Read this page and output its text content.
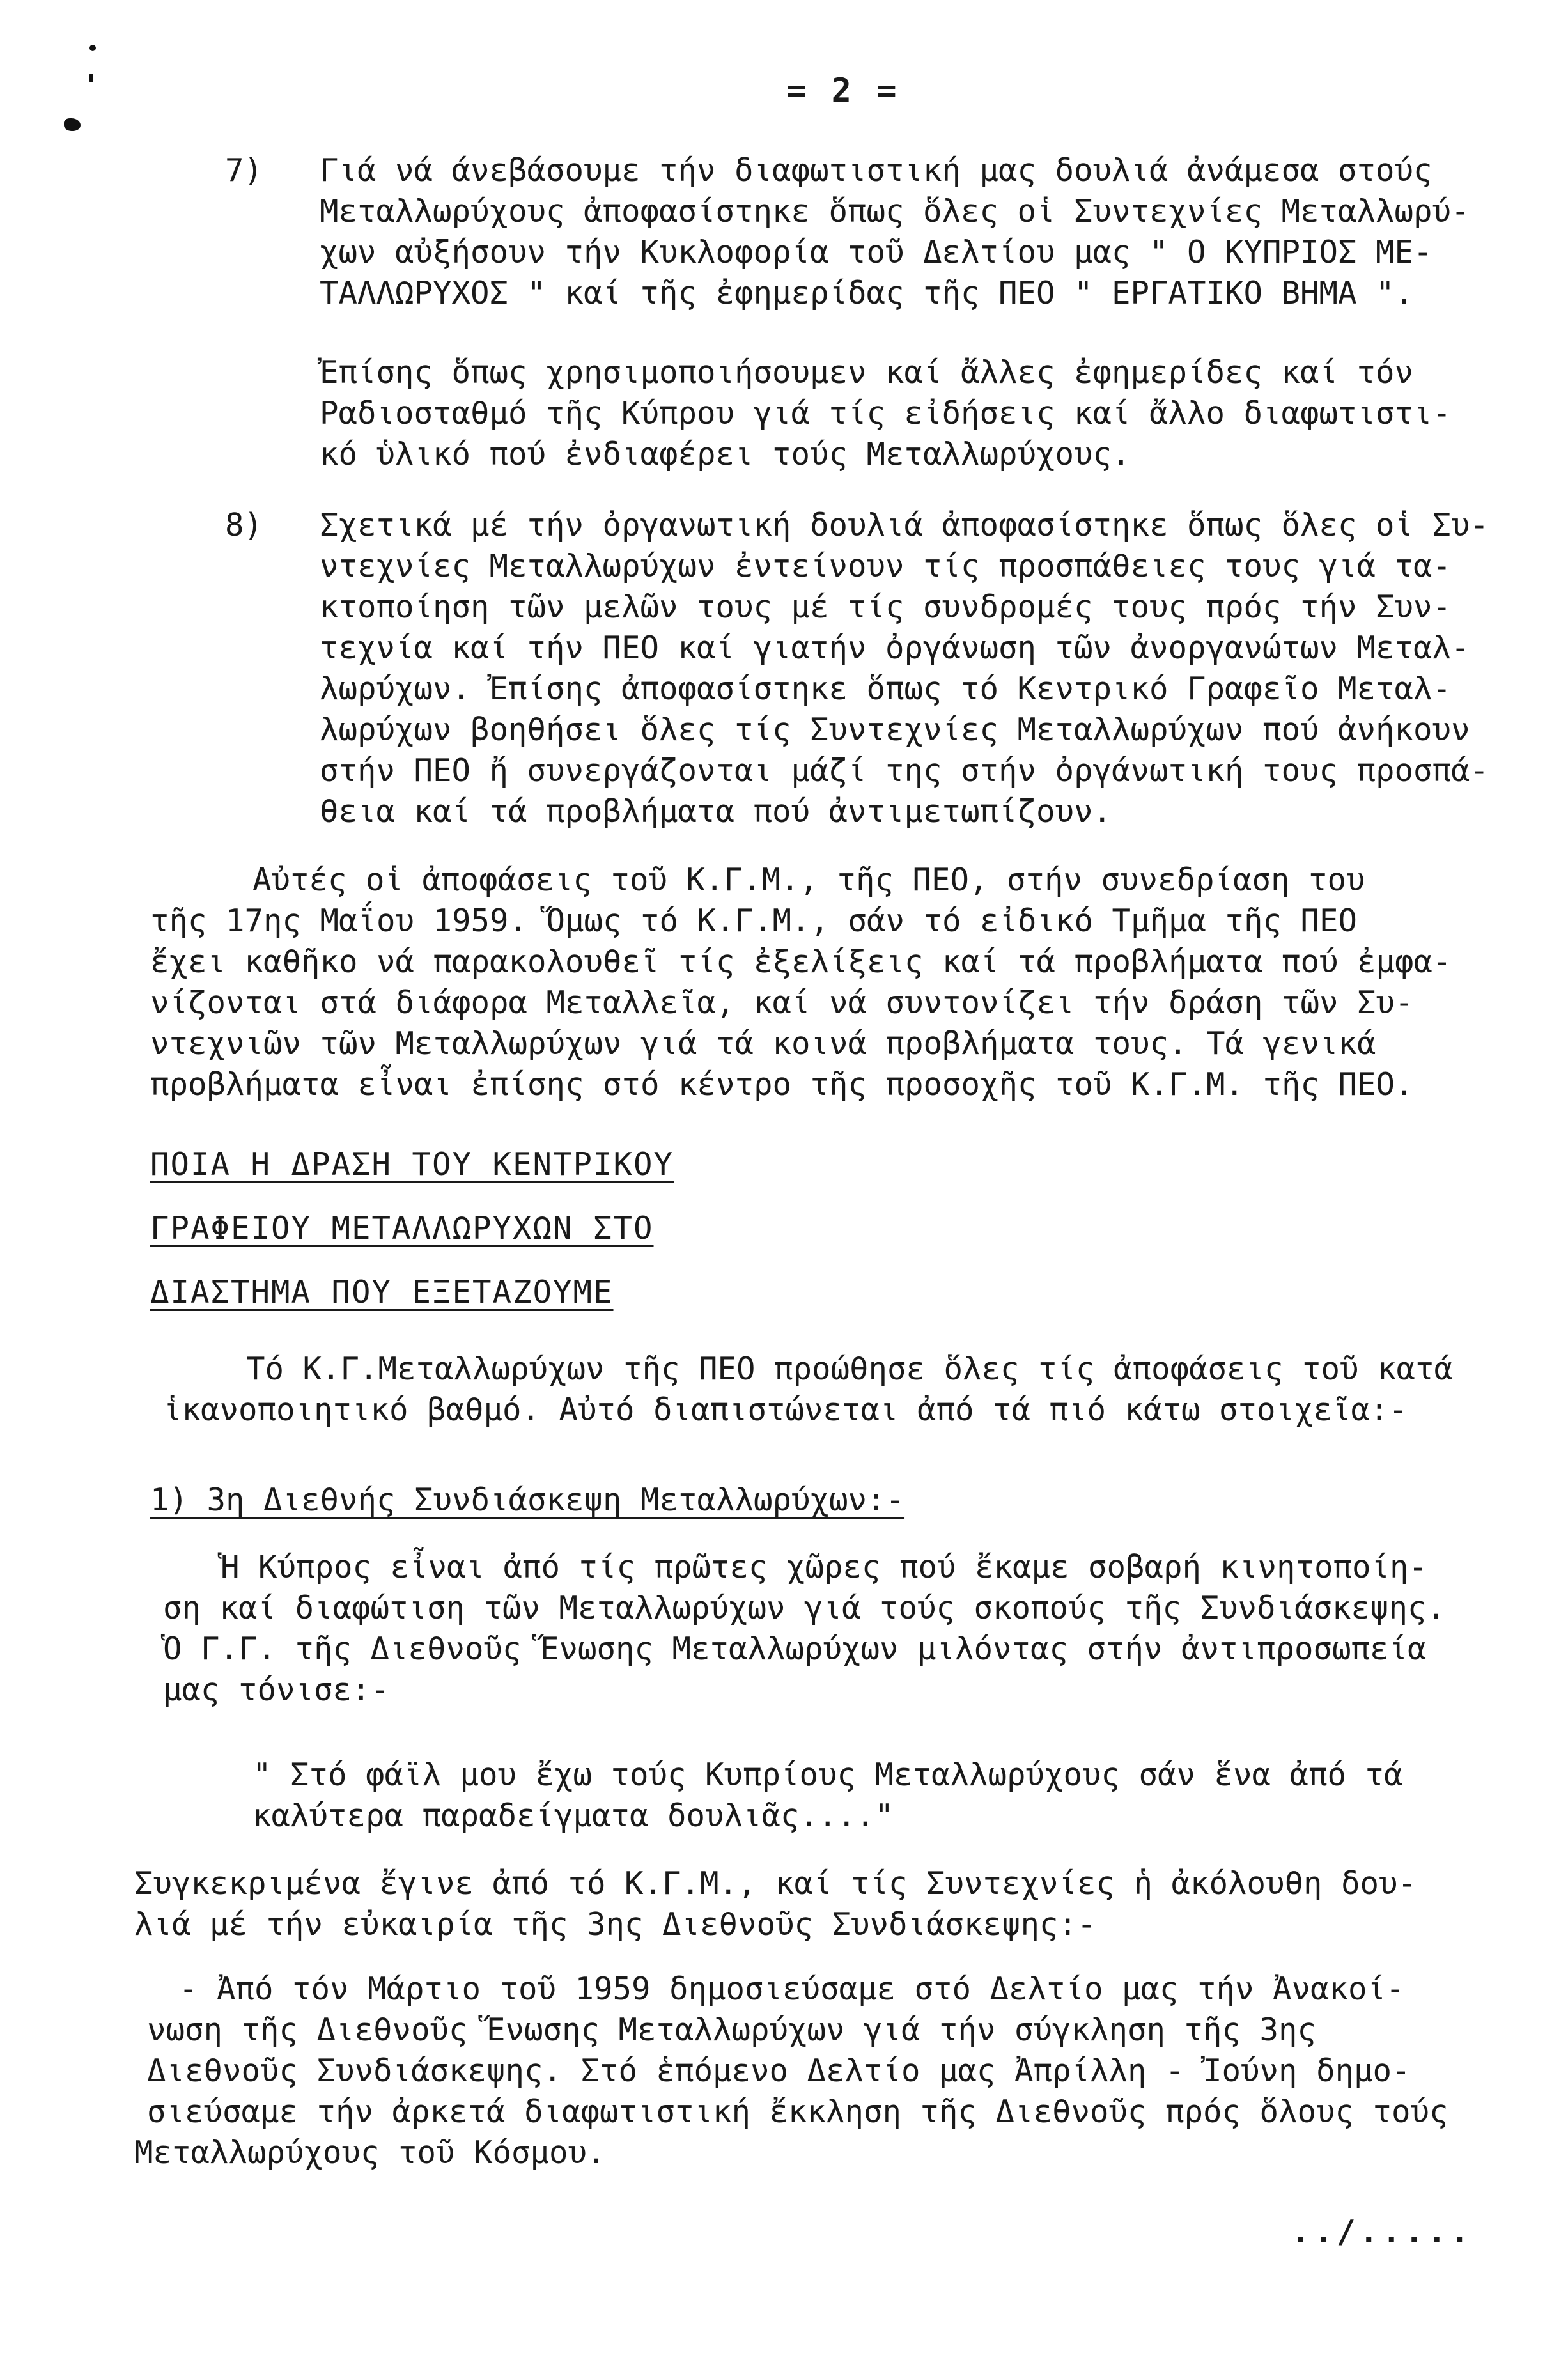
= 2 =
7) Γιά νά άνεβάσουμε τήν διαφωτιστική μας δουλιά ἀνάμεσα στούς
Μεταλλωρύχους ἀποφασίστηκε ὅπως ὅλες οἱ Συντεχνίες Μεταλλωρύ-
χων αὐξήσουν τήν Κυκλοφορία τοῦ Δελτίου μας " Ο ΚΥΠΡΙΟΣ ΜΕ-
ΤΑΛΛΩΡΥΧΟΣ " καί τῆς ἐφημερίδας τῆς ΠΕΟ " ΕΡΓΑΤΙΚΟ ΒΗΜΑ ".
Ἐπίσης ὅπως χρησιμοποιήσουμεν καί ἄλλες ἐφημερίδες καί τόν
Ραδιοσταθμό τῆς Κύπρου γιά τίς εἰδήσεις καί ἄλλο διαφωτιστι-
κό ὑλικό πού ἐνδιαφέρει τούς Μεταλλωρύχους.
8) Σχετικά μέ τήν ὀργανωτική δουλιά ἀποφασίστηκε ὅπως ὅλες οἱ Συ-
ντεχνίες Μεταλλωρύχων ἐντείνουν τίς προσπάθειες τους γιά τα-
κτοποίηση τῶν μελῶν τους μέ τίς συνδρομές τους πρός τήν Συν-
τεχνία καί τήν ΠΕΟ καί γιατήν ὀργάνωση τῶν ἀνοργανώτων Μεταλ-
λωρύχων. Ἐπίσης ἀποφασίστηκε ὅπως τό Κεντρικό Γραφεῖο Μεταλ-
λωρύχων βοηθήσει ὅλες τίς Συντεχνίες Μεταλλωρύχων πού ἀνήκουν
στήν ΠΕΟ ἤ συνεργάζονται μάζί της στήν ὀργάνωτική τους προσπά-
θεια καί τά προβλήματα πού ἀντιμετωπίζουν.
Αὐτές οἱ ἀποφάσεις τοῦ Κ.Γ.Μ., τῆς ΠΕΟ, στήν συνεδρίαση του
τῆς 17ης Μαΐου 1959. Ὅμως τό Κ.Γ.Μ., σάν τό εἰδικό Τμῆμα τῆς ΠΕΟ
ἔχει καθῆκο νά παρακολουθεῖ τίς ἐξελίξεις καί τά προβλήματα πού ἐμφα-
νίζονται στά διάφορα Μεταλλεῖα, καί νά συντονίζει τήν δράση τῶν Συ-
ντεχνιῶν τῶν Μεταλλωρύχων γιά τά κοινά προβλήματα τους. Τά γενικά
προβλήματα εἶναι ἐπίσης στό κέντρο τῆς προσοχῆς τοῦ Κ.Γ.Μ. τῆς ΠΕΟ.
ΠΟΙΑ Η ΔΡΑΣΗ ΤΟΥ ΚΕΝΤΡΙΚΟΥ
ΓΡΑΦΕΙΟΥ ΜΕΤΑΛΛΩΡΥΧΩΝ ΣΤΟ
ΔΙΑΣΤΗΜΑ ΠΟΥ ΕΞΕΤΑΖΟΥΜΕ
Τό Κ.Γ.Μεταλλωρύχων τῆς ΠΕΟ προώθησε ὅλες τίς ἀποφάσεις τοῦ κατά
ἱκανοποιητικό βαθμό. Αὐτό διαπιστώνεται ἀπό τά πιό κάτω στοιχεῖα:-
1) 3η Διεθνής Συνδιάσκεψη Μεταλλωρύχων:-
Ἡ Κύπρος εἶναι ἀπό τίς πρῶτες χῶρες πού ἔκαμε σοβαρή κινητοποίη-
ση καί διαφώτιση τῶν Μεταλλωρύχων γιά τούς σκοπούς τῆς Συνδιάσκεψης.
Ὁ Γ.Γ. τῆς Διεθνοῦς Ἕνωσης Μεταλλωρύχων μιλόντας στήν ἀντιπροσωπεία
μας τόνισε:-
" Στό φάϊλ μου ἔχω τούς Κυπρίους Μεταλλωρύχους σάν ἕνα ἀπό τά
καλύτερα παραδείγματα δουλιᾶς...."
Συγκεκριμένα ἔγινε ἀπό τό Κ.Γ.Μ., καί τίς Συντεχνίες ἡ ἀκόλουθη δου-
λιά μέ τήν εὐκαιρία τῆς 3ης Διεθνοῦς Συνδιάσκεψης:-
- Ἀπό τόν Μάρτιο τοῦ 1959 δημοσιεύσαμε στό Δελτίο μας τήν Ἀνακοί-
νωση τῆς Διεθνοῦς Ἕνωσης Μεταλλωρύχων γιά τήν σύγκληση τῆς 3ης
Διεθνοῦς Συνδιάσκεψης. Στό ἑπόμενο Δελτίο μας Ἀπρίλλη - Ἰούνη δημο-
σιεύσαμε τήν ἀρκετά διαφωτιστική ἔκκληση τῆς Διεθνοῦς πρός ὅλους τούς
Μεταλλωρύχους τοῦ Κόσμου.
../.....
